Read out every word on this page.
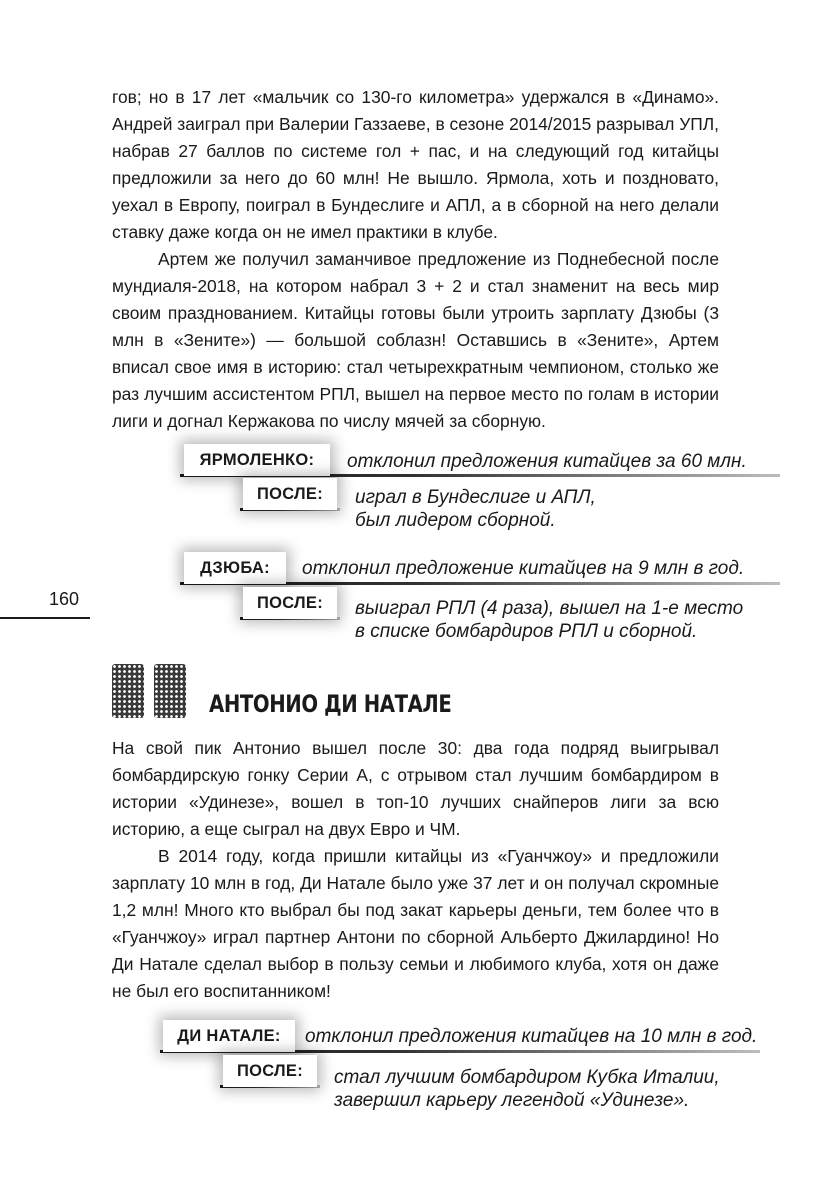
гов; но в 17 лет «мальчик со 130-го километра» удержался в «Динамо». Андрей заиграл при Валерии Газзаеве, в сезоне 2014/2015 разрывал УПЛ, набрав 27 баллов по системе гол + пас, и на следующий год китайцы предложили за него до 60 млн! Не вышло. Ярмола, хоть и поздновато, уехал в Европу, поиграл в Бундеслиге и АПЛ, а в сборной на него делали ставку даже когда он не имел практики в клубе.

Артем же получил заманчивое предложение из Поднебесной после мундиаля-2018, на котором набрал 3 + 2 и стал знаменит на весь мир своим празднованием. Китайцы готовы были утроить зарплату Дзюбы (3 млн в «Зените») — большой соблазн! Оставшись в «Зените», Артем вписал свое имя в историю: стал четырехкратным чемпионом, столько же раз лучшим ассистентом РПЛ, вышел на первое место по голам в истории лиги и догнал Кержакова по числу мячей за сборную.

ЯРМОЛЕНКО:	отклонил предложения китайцев за 60 млн.
ПОСЛЕ:	играл в Бундеслиге и АПЛ,
был лидером сборной.
ДЗЮБА:	отклонил предложение китайцев на 9 млн в год.
ПОСЛЕ:	выиграл РПЛ (4 раза), вышел на 1-е место
в списке бомбардиров РПЛ и сборной.
160
АНТОНИО ДИ НАТАЛЕ

На свой пик Антонио вышел после 30: два года подряд выигрывал бомбардирскую гонку Серии А, с отрывом стал лучшим бомбардиром в истории «Удинезе», вошел в топ-10 лучших снайперов лиги за всю историю, а еще сыграл на двух Евро и ЧМ.

В 2014 году, когда пришли китайцы из «Гуанчжоу» и предложили зарплату 10 млн в год, Ди Натале было уже 37 лет и он получал скромные 1,2 млн! Много кто выбрал бы под закат карьеры деньги, тем более что в «Гуанчжоу» играл партнер Антони по сборной Альберто Джилардино! Но Ди Натале сделал выбор в пользу семьи и любимого клуба, хотя он даже не был его воспитанником!

ДИ НАТАЛЕ:	отклонил предложения китайцев на 10 млн в год.
ПОСЛЕ:	стал лучшим бомбардиром Кубка Италии,
завершил карьеру легендой «Удинезе».
